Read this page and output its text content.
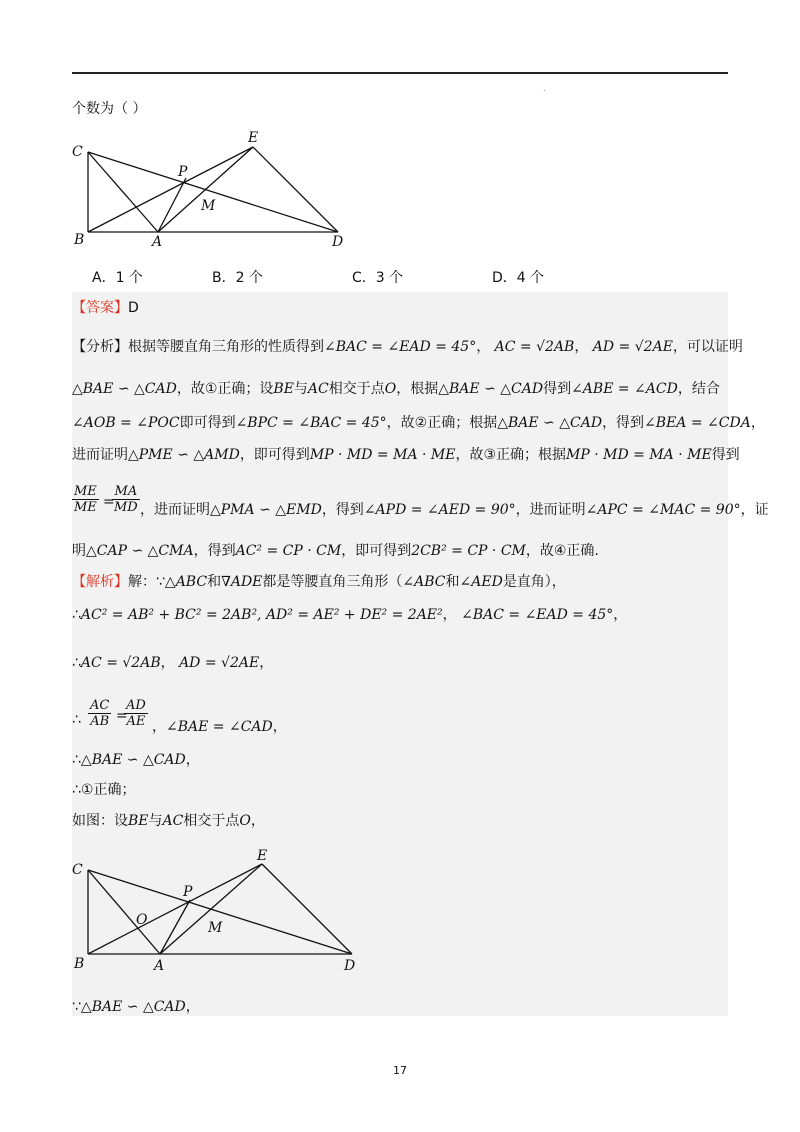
.
个数为（ ）
C
E
P
M
B	A	D
A．1 个	B．2 个	C．3 个	D．4 个
【答案】D
【分析】根据等腰直角三角形的性质得到∠BAC = ∠EAD = 45°， AC = √2AB， AD = √2AE，可以证明
△BAE ∽ △CAD，故①正确；设BE与AC相交于点O，根据△BAE ∽ △CAD得到∠ABE = ∠ACD，结合
∠AOB = ∠POC即可得到∠BPC = ∠BAC = 45°，故②正确；根据△BAE ∽ △CAD，得到∠BEA = ∠CDA，
进而证明△PME ∽ △AMD，即可得到MP · MD = MA · ME，故③正确；根据MP · MD = MA · ME得到
$\frac{ME}{ME}$ =
$\frac{MA}{MD}$ ，进而证明△PMA ∽ △EMD，得到∠APD = ∠AED = 90°，进而证明∠APC = ∠MAC = 90°，证
明△CAP ∽ △CMA，得到AC² = CP · CM，即可得到2CB² = CP · CM，故④正确.
【解析】解：∵△ABC和∇ADE都是等腰直角三角形（∠ABC和∠AED是直角），
∴AC² = AB² + BC² = 2AB², AD² = AE² + DE² = 2AE²， ∠BAC = ∠EAD = 45°，
∴AC = √2AB， AD = √2AE，
∴ $\frac{AC}{AB}$ =
$\frac{AD}{AE}$ ，∠BAE = ∠CAD，
∴△BAE ∽ △CAD，
∴①正确；
如图：设BE与AC相交于点O，
C
E
P
O	M
B	A	D
∵△BAE ∽ △CAD，
17
